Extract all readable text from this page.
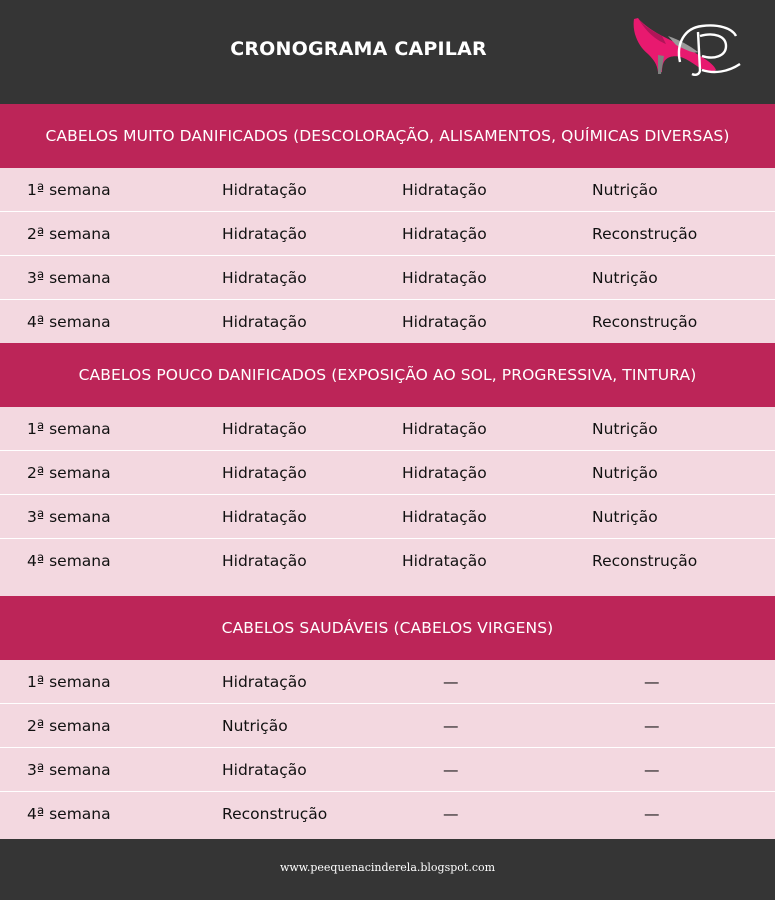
CRONOGRAMA CAPILAR
CABELOS MUITO DANIFICADOS (DESCOLORAÇÃO, ALISAMENTOS, QUÍMICAS DIVERSAS)
1ª semana	Hidratação	Hidratação	Nutrição
2ª semana	Hidratação	Hidratação	Reconstrução
3ª semana	Hidratação	Hidratação	Nutrição
4ª semana	Hidratação	Hidratação	Reconstrução
CABELOS POUCO DANIFICADOS (EXPOSIÇÃO AO SOL, PROGRESSIVA, TINTURA)
1ª semana	Hidratação	Hidratação	Nutrição
2ª semana	Hidratação	Hidratação	Nutrição
3ª semana	Hidratação	Hidratação	Nutrição
4ª semana	Hidratação	Hidratação	Reconstrução
CABELOS SAUDÁVEIS (CABELOS VIRGENS)
1ª semana	Hidratação	—	—
2ª semana	Nutrição	—	—
3ª semana	Hidratação	—	—
4ª semana	Reconstrução	—	—
www.peequenacinderela.blogspot.com
